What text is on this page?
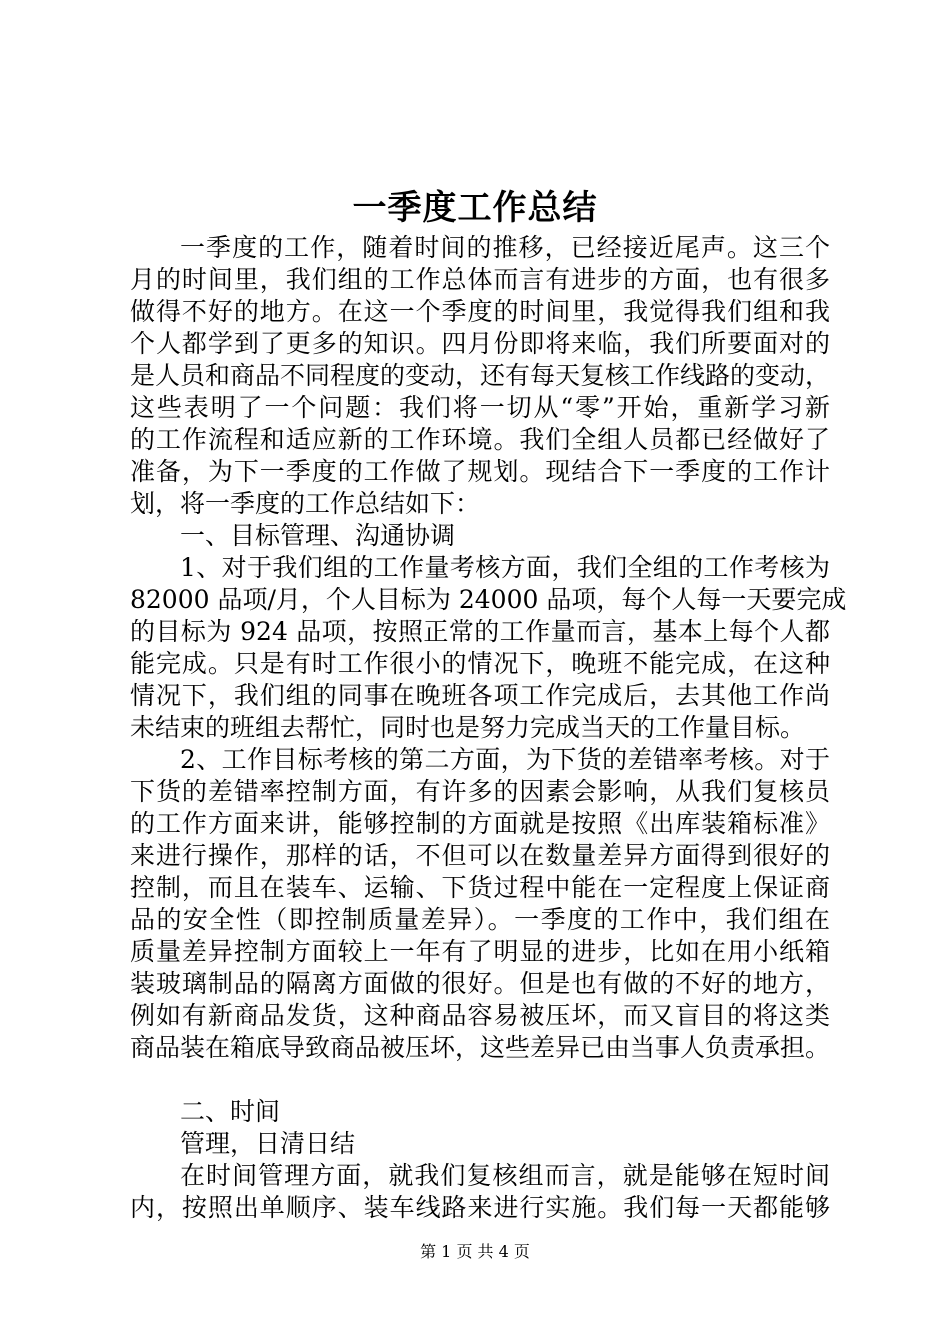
一季度工作总结
一季度的工作，随着时间的推移，已经接近尾声。这三个
月的时间里，我们组的工作总体而言有进步的方面，也有很多
做得不好的地方。在这一个季度的时间里，我觉得我们组和我
个人都学到了更多的知识。四月份即将来临，我们所要面对的
是人员和商品不同程度的变动，还有每天复核工作线路的变动，
这些表明了一个问题：我们将一切从“零”开始，重新学习新
的工作流程和适应新的工作环境。我们全组人员都已经做好了
准备，为下一季度的工作做了规划。现结合下一季度的工作计
划，将一季度的工作总结如下：
一、目标管理、沟通协调
1、对于我们组的工作量考核方面，我们全组的工作考核为
82000 品项/月，个人目标为 24000 品项，每个人每一天要完成
的目标为 924 品项，按照正常的工作量而言，基本上每个人都
能完成。只是有时工作很小的情况下，晚班不能完成，在这种
情况下，我们组的同事在晚班各项工作完成后，去其他工作尚
未结束的班组去帮忙，同时也是努力完成当天的工作量目标。
2、工作目标考核的第二方面，为下货的差错率考核。对于
下货的差错率控制方面，有许多的因素会影响，从我们复核员
的工作方面来讲，能够控制的方面就是按照《出库装箱标准》
来进行操作，那样的话，不但可以在数量差异方面得到很好的
控制，而且在装车、运输、下货过程中能在一定程度上保证商
品的安全性（即控制质量差异）。一季度的工作中，我们组在
质量差异控制方面较上一年有了明显的进步，比如在用小纸箱
装玻璃制品的隔离方面做的很好。但是也有做的不好的地方，
例如有新商品发货，这种商品容易被压坏，而又盲目的将这类
商品装在箱底导致商品被压坏，这些差异已由当事人负责承担。
二、时间
管理，日清日结
在时间管理方面，就我们复核组而言，就是能够在短时间
内，按照出单顺序、装车线路来进行实施。我们每一天都能够
第 1 页 共 4 页
